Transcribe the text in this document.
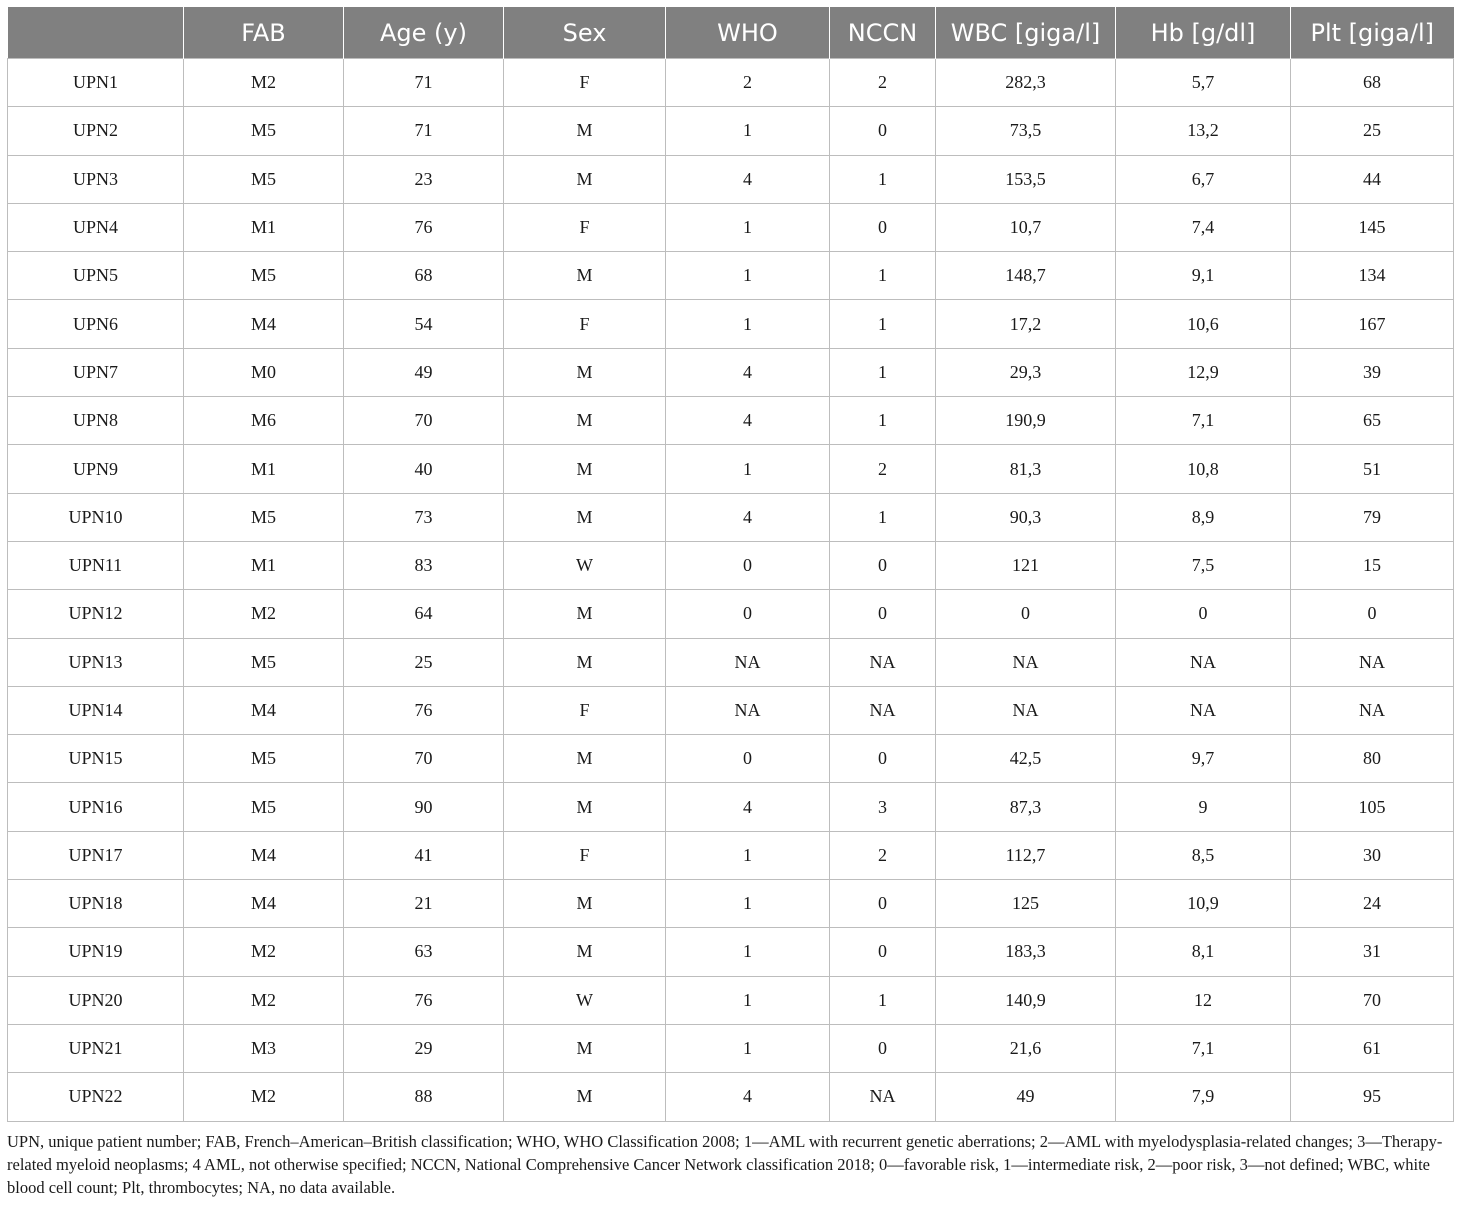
	FAB	Age (y)	Sex	WHO	NCCN	WBC [giga/l]	Hb [g/dl]	Plt [giga/l]
UPN1	M2	71	F	2	2	282,3	5,7	68
UPN2	M5	71	M	1	0	73,5	13,2	25
UPN3	M5	23	M	4	1	153,5	6,7	44
UPN4	M1	76	F	1	0	10,7	7,4	145
UPN5	M5	68	M	1	1	148,7	9,1	134
UPN6	M4	54	F	1	1	17,2	10,6	167
UPN7	M0	49	M	4	1	29,3	12,9	39
UPN8	M6	70	M	4	1	190,9	7,1	65
UPN9	M1	40	M	1	2	81,3	10,8	51
UPN10	M5	73	M	4	1	90,3	8,9	79
UPN11	M1	83	W	0	0	121	7,5	15
UPN12	M2	64	M	0	0	0	0	0
UPN13	M5	25	M	NA	NA	NA	NA	NA
UPN14	M4	76	F	NA	NA	NA	NA	NA
UPN15	M5	70	M	0	0	42,5	9,7	80
UPN16	M5	90	M	4	3	87,3	9	105
UPN17	M4	41	F	1	2	112,7	8,5	30
UPN18	M4	21	M	1	0	125	10,9	24
UPN19	M2	63	M	1	0	183,3	8,1	31
UPN20	M2	76	W	1	1	140,9	12	70
UPN21	M3	29	M	1	0	21,6	7,1	61
UPN22	M2	88	M	4	NA	49	7,9	95

UPN, unique patient number; FAB, French–American–British classification; WHO, WHO Classification 2008; 1—AML with recurrent genetic aberrations; 2—AML with myelodysplasia-related changes; 3—Therapy-related myeloid neoplasms; 4 AML, not otherwise specified; NCCN, National Comprehensive Cancer Network classification 2018; 0—favorable risk, 1—intermediate risk, 2—poor risk, 3—not defined; WBC, white blood cell count; Plt, thrombocytes; NA, no data available.
